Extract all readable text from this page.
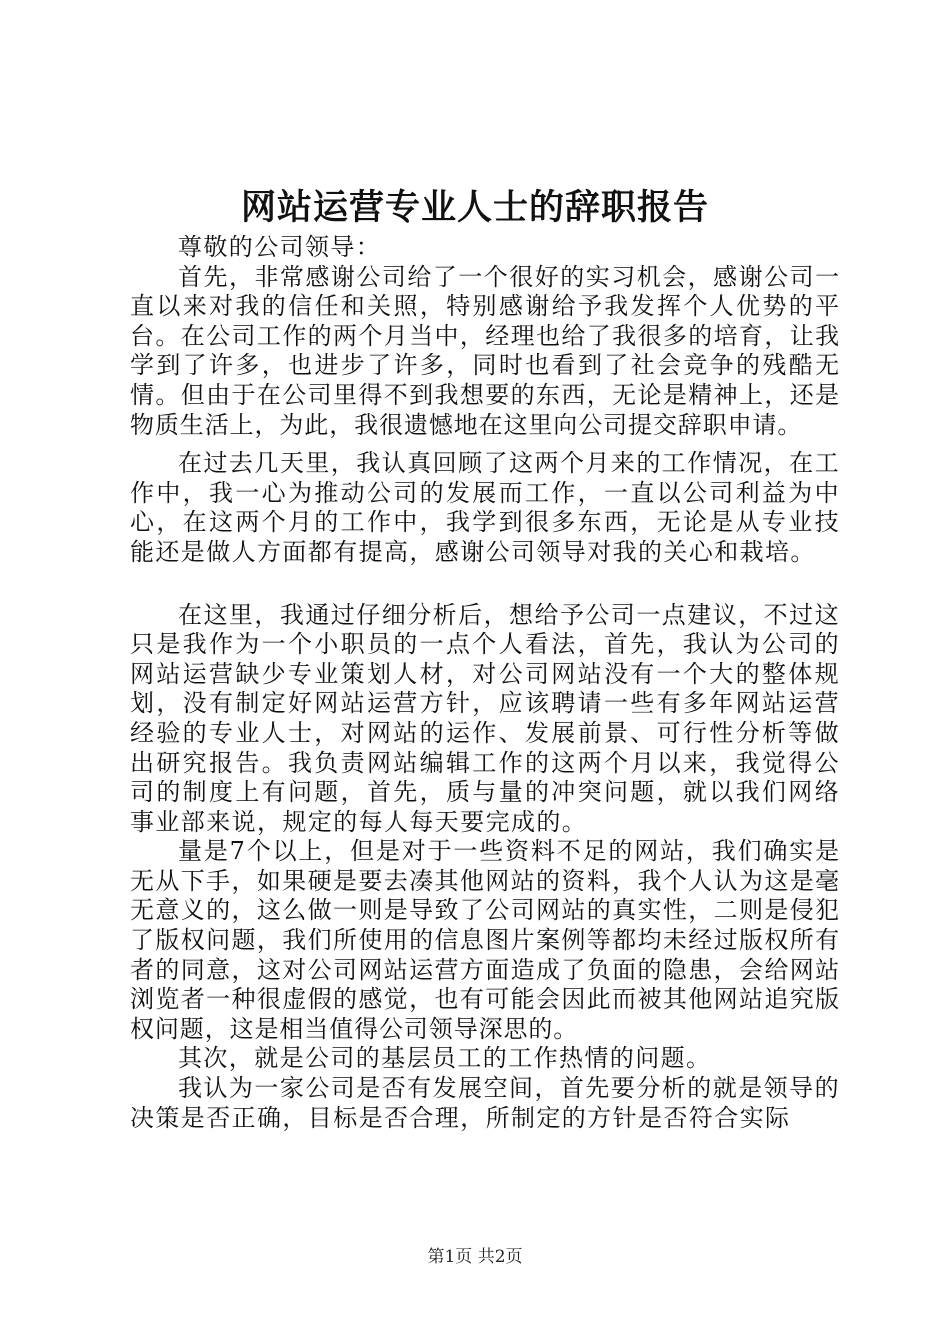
网站运营专业人士的辞职报告

尊敬的公司领导：

首先，非常感谢公司给了一个很好的实习机会，感谢公司一直以来对我的信任和关照，特别感谢给予我发挥个人优势的平台。在公司工作的两个月当中，经理也给了我很多的培育，让我学到了许多，也进步了许多，同时也看到了社会竞争的残酷无情。但由于在公司里得不到我想要的东西，无论是精神上，还是物质生活上，为此，我很遗憾地在这里向公司提交辞职申请。

在过去几天里，我认真回顾了这两个月来的工作情况，在工作中，我一心为推动公司的发展而工作，一直以公司利益为中心，在这两个月的工作中，我学到很多东西，无论是从专业技能还是做人方面都有提高，感谢公司领导对我的关心和栽培。

在这里，我通过仔细分析后，想给予公司一点建议，不过这只是我作为一个小职员的一点个人看法，首先，我认为公司的网站运营缺少专业策划人材，对公司网站没有一个大的整体规划，没有制定好网站运营方针，应该聘请一些有多年网站运营经验的专业人士，对网站的运作、发展前景、可行性分析等做出研究报告。我负责网站编辑工作的这两个月以来，我觉得公司的制度上有问题，首先，质与量的冲突问题，就以我们网络事业部来说，规定的每人每天要完成的。

量是7个以上，但是对于一些资料不足的网站，我们确实是无从下手，如果硬是要去凑其他网站的资料，我个人认为这是毫无意义的，这么做一则是导致了公司网站的真实性，二则是侵犯了版权问题，我们所使用的信息图片案例等都均未经过版权所有者的同意，这对公司网站运营方面造成了负面的隐患，会给网站浏览者一种很虚假的感觉，也有可能会因此而被其他网站追究版权问题，这是相当值得公司领导深思的。

其次，就是公司的基层员工的工作热情的问题。

我认为一家公司是否有发展空间，首先要分析的就是领导的决策是否正确，目标是否合理，所制定的方针是否符合实际

第1页 共2页
